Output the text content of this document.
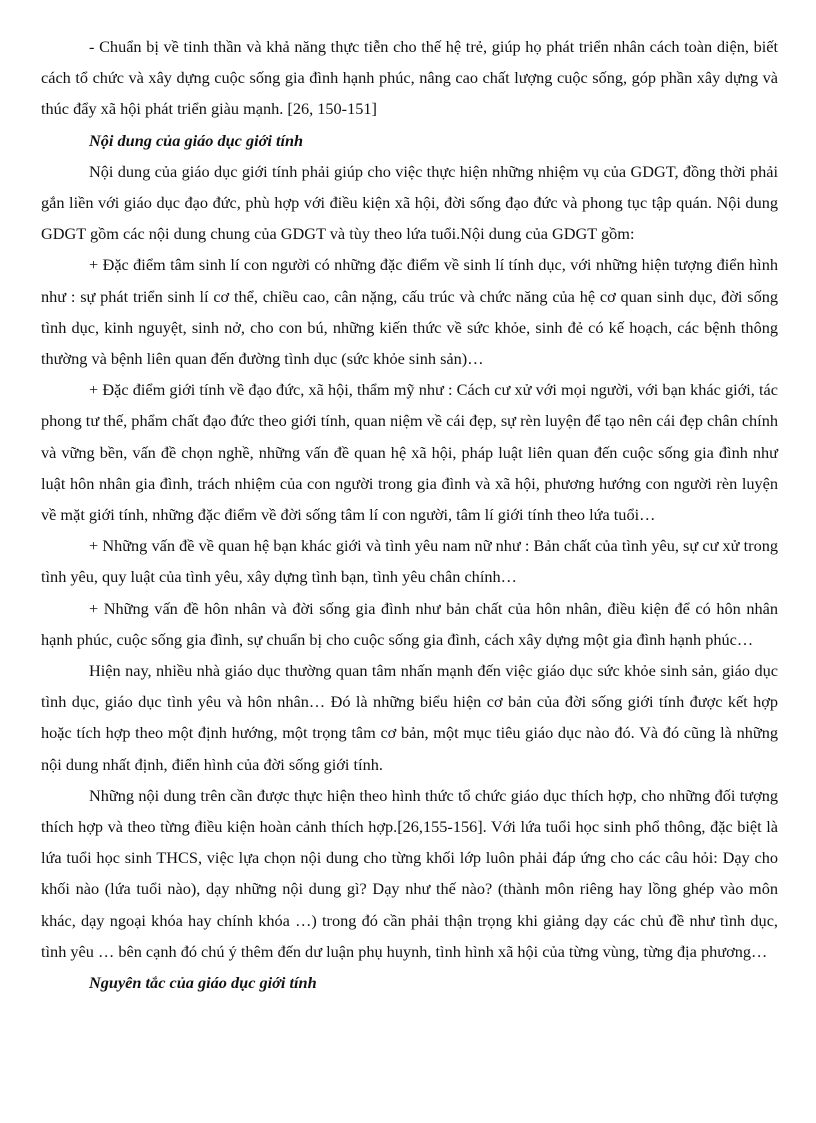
- Chuẩn bị về tinh thần và khả năng thực tiễn cho thế hệ trẻ, giúp họ phát triển nhân cách toàn diện, biết cách tổ chức và xây dựng cuộc sống gia đình hạnh phúc, nâng cao chất lượng cuộc sống, góp phần xây dựng và thúc đẩy xã hội phát triển giàu mạnh. [26, 150-151]

Nội dung của giáo dục giới tính

Nội dung của giáo dục giới tính phải giúp cho việc thực hiện những nhiệm vụ của GDGT, đồng thời phải gắn liền với giáo dục đạo đức, phù hợp với điều kiện xã hội, đời sống đạo đức và phong tục tập quán. Nội dung GDGT gồm các nội dung chung của GDGT và tùy theo lứa tuổi.Nội dung của GDGT gồm:

+ Đặc điểm tâm sinh lí con người có những đặc điểm về sinh lí tính dục, với những hiện tượng điển hình như : sự phát triển sinh lí cơ thể, chiều cao, cân nặng, cấu trúc và chức năng của hệ cơ quan sinh dục, đời sống tình dục, kinh nguyệt, sinh nở, cho con bú, những kiến thức về sức khỏe, sinh đẻ có kế hoạch, các bệnh thông thường và bệnh liên quan đến đường tình dục (sức khỏe sinh sản)…

+ Đặc điểm giới tính về đạo đức, xã hội, thẩm mỹ như : Cách cư xử với mọi người, với bạn khác giới, tác phong tư thế, phẩm chất đạo đức theo giới tính, quan niệm về cái đẹp, sự rèn luyện để tạo nên cái đẹp chân chính và vững bền, vấn đề chọn nghề, những vấn đề quan hệ xã hội, pháp luật liên quan đến cuộc sống gia đình như luật hôn nhân gia đình, trách nhiệm của con người trong gia đình và xã hội, phương hướng con người rèn luyện về mặt giới tính, những đặc điểm về đời sống tâm lí con người, tâm lí giới tính theo lứa tuổi…

+ Những vấn đề về quan hệ bạn khác giới và tình yêu nam nữ như : Bản chất của tình yêu, sự cư xử trong tình yêu, quy luật của tình yêu, xây dựng tình bạn, tình yêu chân chính…

+ Những vấn đề hôn nhân và đời sống gia đình như bản chất của hôn nhân, điều kiện để có hôn nhân hạnh phúc, cuộc sống gia đình, sự chuẩn bị cho cuộc sống gia đình, cách xây dựng một gia đình hạnh phúc…

Hiện nay, nhiều nhà giáo dục thường quan tâm nhấn mạnh đến việc giáo dục sức khỏe sinh sản, giáo dục tình dục, giáo dục tình yêu và hôn nhân… Đó là những biểu hiện cơ bản của đời sống giới tính được kết hợp hoặc tích hợp theo một định hướng, một trọng tâm cơ bản, một mục tiêu giáo dục nào đó. Và đó cũng là những nội dung nhất định, điển hình của đời sống giới tính.

Những nội dung trên cần được thực hiện theo hình thức tổ chức giáo dục thích hợp, cho những đối tượng thích hợp và theo từng điều kiện hoàn cảnh thích hợp.[26,155-156]. Với lứa tuổi học sinh phổ thông, đặc biệt là lứa tuổi học sinh THCS, việc lựa chọn nội dung cho từng khối lớp luôn phải đáp ứng cho các câu hỏi: Dạy cho khối nào (lứa tuổi nào), dạy những nội dung gì? Dạy như thế nào? (thành môn riêng hay lồng ghép vào môn khác, dạy ngoại khóa hay chính khóa …) trong đó cần phải thận trọng khi giảng dạy các chủ đề như tình dục, tình yêu … bên cạnh đó chú ý thêm đến dư luận phụ huynh, tình hình xã hội của từng vùng, từng địa phương…

Nguyên tắc của giáo dục giới tính
